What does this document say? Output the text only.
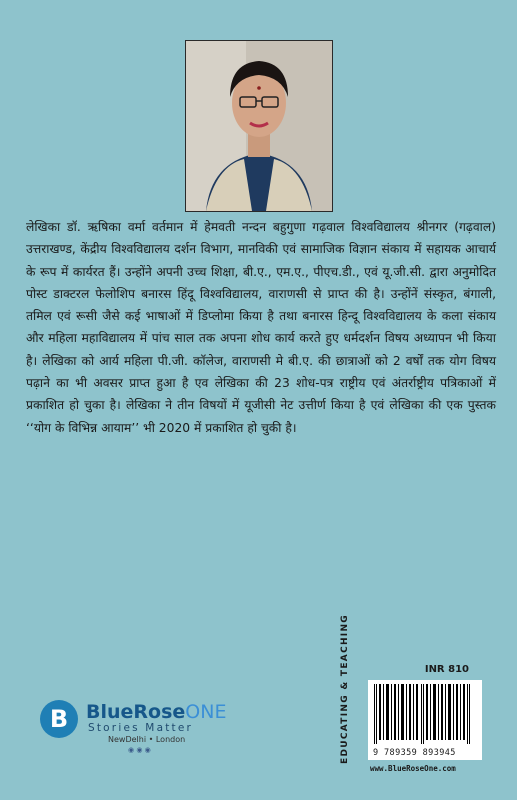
लेखिका डॉ. ऋषिका वर्मा वर्तमान में हेमवती नन्दन बहुगुणा गढ़वाल विश्वविद्यालय श्रीनगर (गढ़वाल) उत्तराखण्ड, केंद्रीय विश्वविद्यालय दर्शन विभाग, मानविकी एवं सामाजिक विज्ञान संकाय में सहायक आचार्य के रूप में कार्यरत हैं। उन्होंने अपनी उच्च शिक्षा, बी.ए., एम.ए., पीएच.डी., एवं यू.जी.सी. द्वारा अनुमोदित पोस्ट डाक्टरल फेलोशिप बनारस हिंदू विश्वविद्यालय, वाराणसी से प्राप्त की है। उन्होंनें संस्कृत, बंगाली, तमिल एवं रूसी जैसे कई भाषाओं में डिप्लोमा किया है तथा बनारस हिन्दू विश्वविद्यालय के कला संकाय और महिला महाविद्यालय में पांच साल तक अपना शोध कार्य करते हुए धर्मदर्शन विषय अध्यापन भी किया है। लेखिका को आर्य महिला पी.जी. कॉलेज, वाराणसी मे बी.ए. की छात्राओं को 2 वर्षों तक योग विषय पढ़ाने का भी अवसर प्राप्त हुआ है एव लेखिका की 23 शोध-पत्र राष्ट्रीय एवं अंतर्राष्ट्रीय पत्रिकाओं में प्रकाशित हो चुका है। लेखिका ने तीन विषयों में यूजीसी नेट उत्तीर्ण किया है एवं लेखिका की एक पुस्तक ‘‘योग के विभिन्न आयाम’’ भी 2020 में प्रकाशित हो चुकी है।

B BlueRoseONE
Stories Matter
NewDelhi • London
◉ ◉ ◉	EDUCATING & TEACHING	INR 810
9 789359 893945
www.BlueRoseOne.com
